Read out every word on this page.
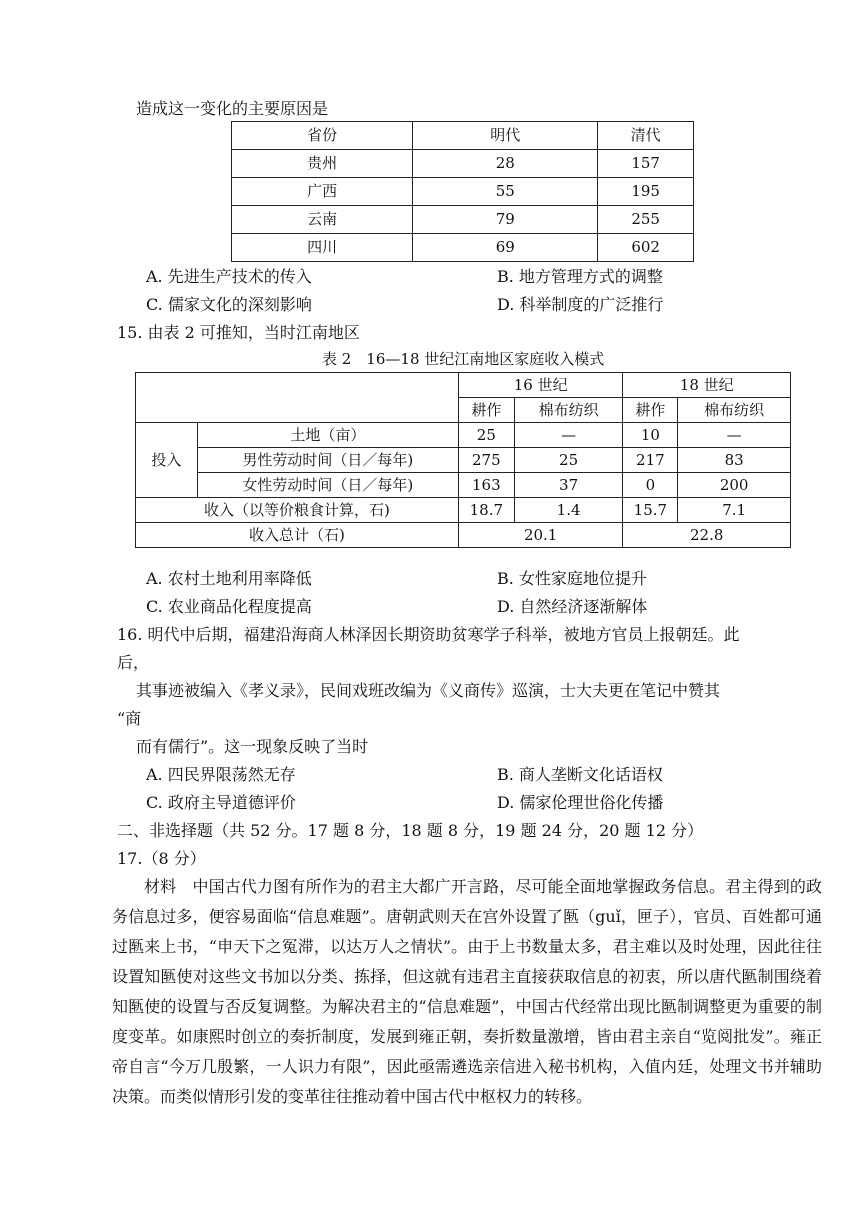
造成这一变化的主要原因是
省份	明代	清代
贵州	28	157
广西	55	195
云南	79	255
四川	69	602
A. 先进生产技术的传入	B. 地方管理方式的调整
C. 儒家文化的深刻影响	D. 科举制度的广泛推行
15. 由表 2 可推知，当时江南地区
表 2　16—18 世纪江南地区家庭收入模式
		16 世纪		18 世纪	
		耕作	棉布纺织	耕作	棉布纺织
投入	土地（亩）	25	—	10	—
	男性劳动时间（日／每年)	275	25	217	83
	女性劳动时间（日／每年)	163	37	0	200
收入（以等价粮食计算，石)		18.7	1.4	15.7	7.1
收入总计（石)		20.1		22.8	
A. 农村土地利用率降低	B. 女性家庭地位提升
C. 农业商品化程度提高	D. 自然经济逐渐解体
16. 明代中后期，福建沿海商人林泽因长期资助贫寒学子科举，被地方官员上报朝廷。此
后，
其事迹被编入《孝义录》，民间戏班改编为《义商传》巡演，士大夫更在笔记中赞其
“商
而有儒行”。这一现象反映了当时
A. 四民界限荡然无存	B. 商人垄断文化话语权
C. 政府主导道德评价	D. 儒家伦理世俗化传播
二、非选择题（共 52 分。17 题 8 分，18 题 8 分，19 题 24 分，20 题 12 分）
17.（8 分）
材料　中国古代力图有所作为的君主大都广开言路，尽可能全面地掌握政务信息。君主得到的政务信息过多，便容易面临“信息难题”。唐朝武则天在宫外设置了匦（guǐ，匣子），官员、百姓都可通过匦来上书，“申天下之冤滞，以达万人之情状”。由于上书数量太多，君主难以及时处理，因此往往设置知匦使对这些文书加以分类、拣择，但这就有违君主直接获取信息的初衷，所以唐代匦制围绕着知匦使的设置与否反复调整。为解决君主的“信息难题”，中国古代经常出现比匦制调整更为重要的制度变革。如康熙时创立的奏折制度，发展到雍正朝，奏折数量激增，皆由君主亲自“览阅批发”。雍正帝自言“今万几殷繁，一人识力有限”，因此亟需遴选亲信进入秘书机构，入值内廷，处理文书并辅助决策。而类似情形引发的变革往往推动着中国古代中枢权力的转移。
